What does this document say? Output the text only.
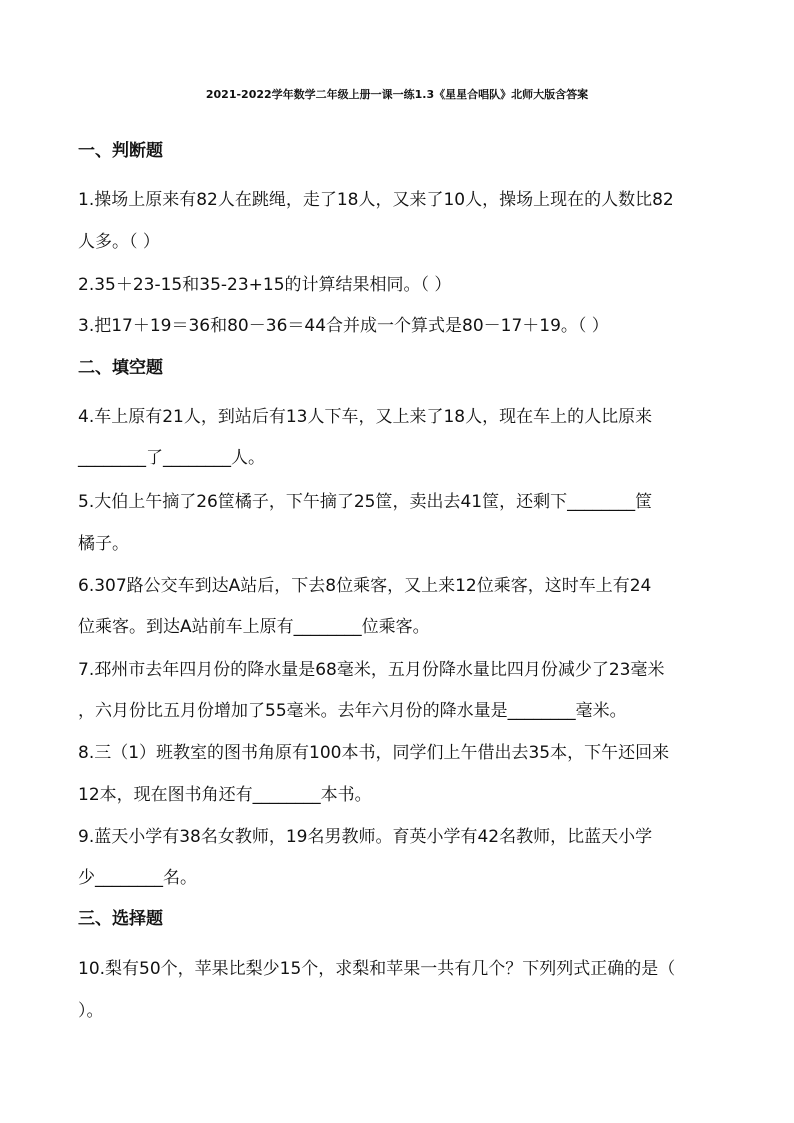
2021-2022学年数学二年级上册一课一练1.3《星星合唱队》北师大版含答案
一、判断题
1.操场上原来有82人在跳绳，走了18人，又来了10人，操场上现在的人数比82
人多。（ ）
2.35＋23-15和35-23+15的计算结果相同。（ ）
3.把17＋19＝36和80－36＝44合并成一个算式是80－17＋19。（ ）
二、填空题
4.车上原有21人，到站后有13人下车，又上来了18人，现在车上的人比原来
________了________人。
5.大伯上午摘了26筐橘子，下午摘了25筐，卖出去41筐，还剩下________筐
橘子。
6.307路公交车到达A站后，下去8位乘客，又上来12位乘客，这时车上有24
位乘客。到达A站前车上原有________位乘客。
7.邳州市去年四月份的降水量是68毫米，五月份降水量比四月份减少了23毫米
，六月份比五月份增加了55毫米。去年六月份的降水量是________毫米。
8.三（1）班教室的图书角原有100本书，同学们上午借出去35本，下午还回来
12本，现在图书角还有________本书。
9.蓝天小学有38名女教师，19名男教师。育英小学有42名教师，比蓝天小学
少________名。
三、选择题
10.梨有50个，苹果比梨少15个，求梨和苹果一共有几个？下列列式正确的是（
）。
